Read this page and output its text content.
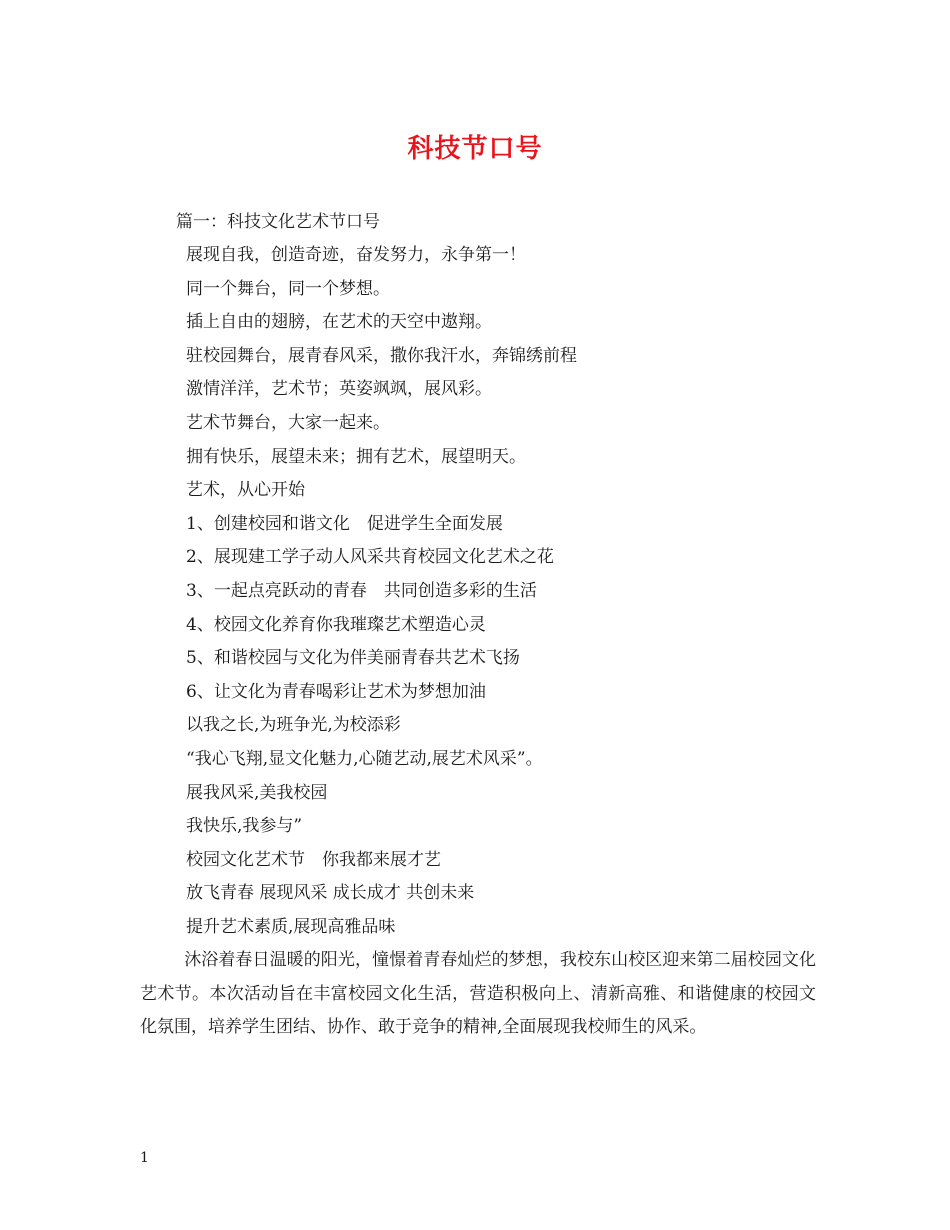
科技节口号
篇一：科技文化艺术节口号
展现自我，创造奇迹，奋发努力，永争第一！
同一个舞台，同一个梦想。
插上自由的翅膀，在艺术的天空中遨翔。
驻校园舞台，展青春风采，撒你我汗水，奔锦绣前程
激情洋洋，艺术节；英姿飒飒，展风彩。
艺术节舞台，大家一起来。
拥有快乐，展望未来；拥有艺术，展望明天。
艺术，从心开始
1、创建校园和谐文化　促进学生全面发展
2、展现建工学子动人风采共育校园文化艺术之花
3、一起点亮跃动的青春　共同创造多彩的生活
4、校园文化养育你我璀璨艺术塑造心灵
5、和谐校园与文化为伴美丽青春共艺术飞扬
6、让文化为青春喝彩让艺术为梦想加油
以我之长,为班争光,为校添彩
“我心飞翔,显文化魅力,心随艺动,展艺术风采”。
展我风采,美我校园
我快乐,我参与”
校园文化艺术节　你我都来展才艺
放飞青春 展现风采 成长成才 共创未来
提升艺术素质,展现高雅品味
沐浴着春日温暖的阳光，憧憬着青春灿烂的梦想，我校东山校区迎来第二届校园文化艺术节。本次活动旨在丰富校园文化生活，营造积极向上、清新高雅、和谐健康的校园文化氛围，培养学生团结、协作、敢于竞争的精神,全面展现我校师生的风采。
1
